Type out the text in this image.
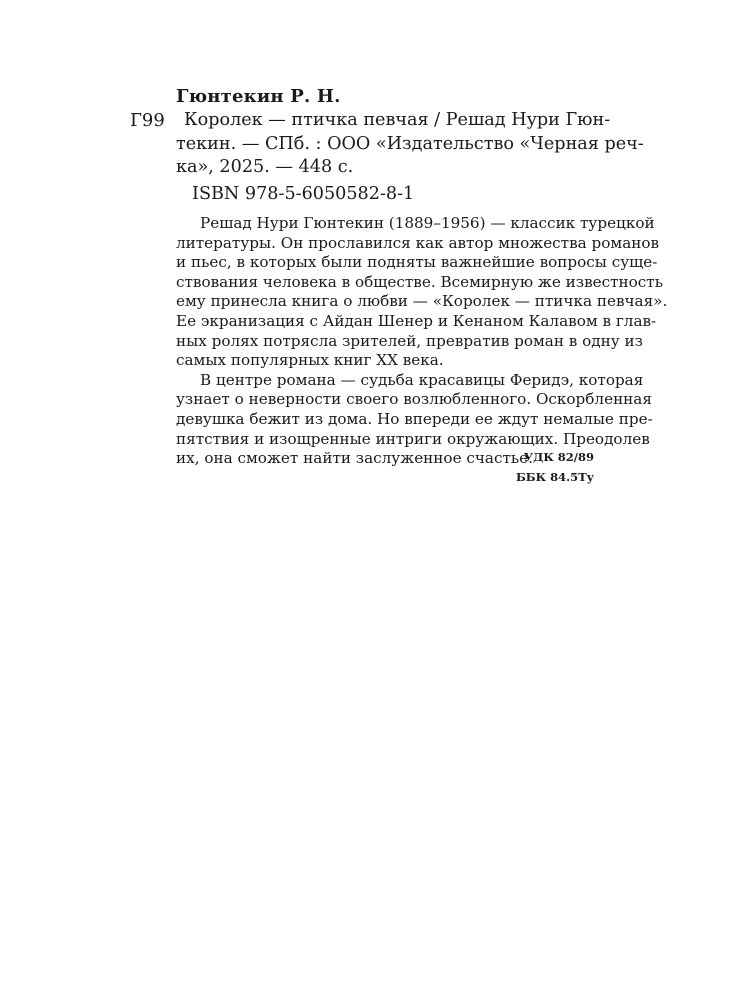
Гюнтекин Р. Н.
Г99	Королек — птичка певчая / Решад Нури Гюн-
текин. — СПб. : ООО «Издательство «Черная реч-
ка», 2025. — 448 с.
ISBN 978-5-6050582-8-1
Решад Нури Гюнтекин (1889–1956) — классик турецкой
литературы. Он прославился как автор множества романов
и пьес, в которых были подняты важнейшие вопросы суще-
ствования человека в обществе. Всемирную же известность
ему принесла книга о любви — «Королек — птичка певчая».
Ее экранизация с Айдан Шенер и Кенаном Калавом в глав-
ных ролях потрясла зрителей, превратив роман в одну из
самых популярных книг XX века.
В центре романа — судьба красавицы Феридэ, которая
узнает о неверности своего возлюбленного. Оскорбленная
девушка бежит из дома. Но впереди ее ждут немалые пре-
пятствия и изощренные интриги окружающих. Преодолев
их, она сможет найти заслуженное счастье.
УДК 82/89
ББК 84.5Ту
